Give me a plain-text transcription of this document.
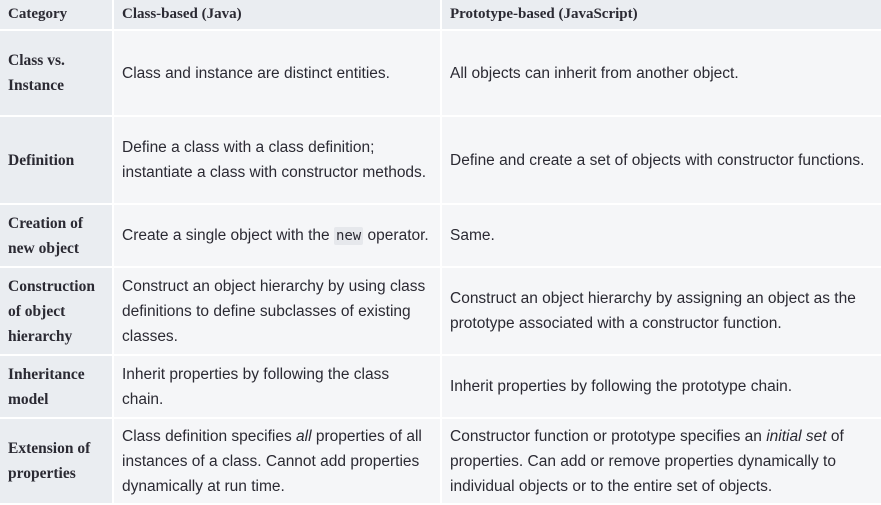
Category	Class-based (Java)	Prototype-based (JavaScript)
Class vs. Instance	Class and instance are distinct entities.	All objects can inherit from another object.
Definition	Define a class with a class definition; instantiate a class with constructor methods.	Define and create a set of objects with constructor functions.
Creation of new object	Create a single object with the new operator.	Same.
Construction of object hierarchy	Construct an object hierarchy by using class definitions to define subclasses of existing classes.	Construct an object hierarchy by assigning an object as the prototype associated with a constructor function.
Inheritance model	Inherit properties by following the class chain.	Inherit properties by following the prototype chain.
Extension of properties	Class definition specifies all properties of all instances of a class. Cannot add properties dynamically at run time.	Constructor function or prototype specifies an initial set of properties. Can add or remove properties dynamically to individual objects or to the entire set of objects.
